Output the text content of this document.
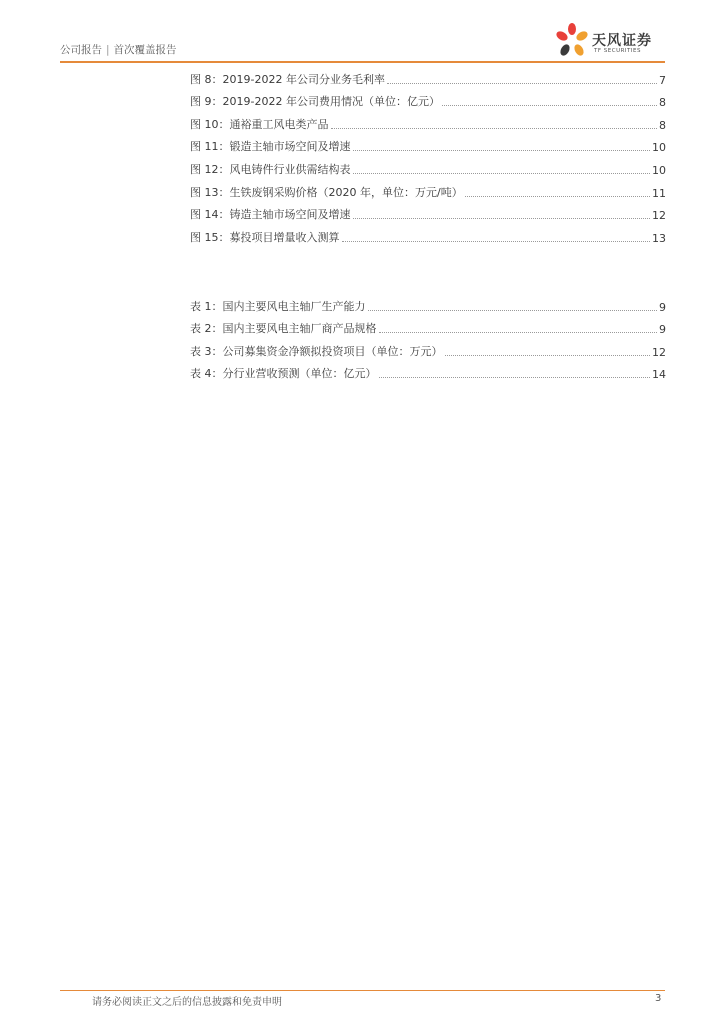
公司报告 | 首次覆盖报告
天风证券
TF SECURITIES
图 8：2019-2022 年公司分业务毛利率	7
图 9：2019-2022 年公司费用情况（单位：亿元）	8
图 10：通裕重工风电类产品	8
图 11：锻造主轴市场空间及增速	10
图 12：风电铸件行业供需结构表	10
图 13：生铁废钢采购价格（2020 年，单位：万元/吨）	11
图 14：铸造主轴市场空间及增速	12
图 15：募投项目增量收入测算	13
表 1：国内主要风电主轴厂生产能力	9
表 2：国内主要风电主轴厂商产品规格	9
表 3：公司募集资金净额拟投资项目（单位：万元）	12
表 4：分行业营收预测（单位：亿元）	14
请务必阅读正文之后的信息披露和免责申明	3
